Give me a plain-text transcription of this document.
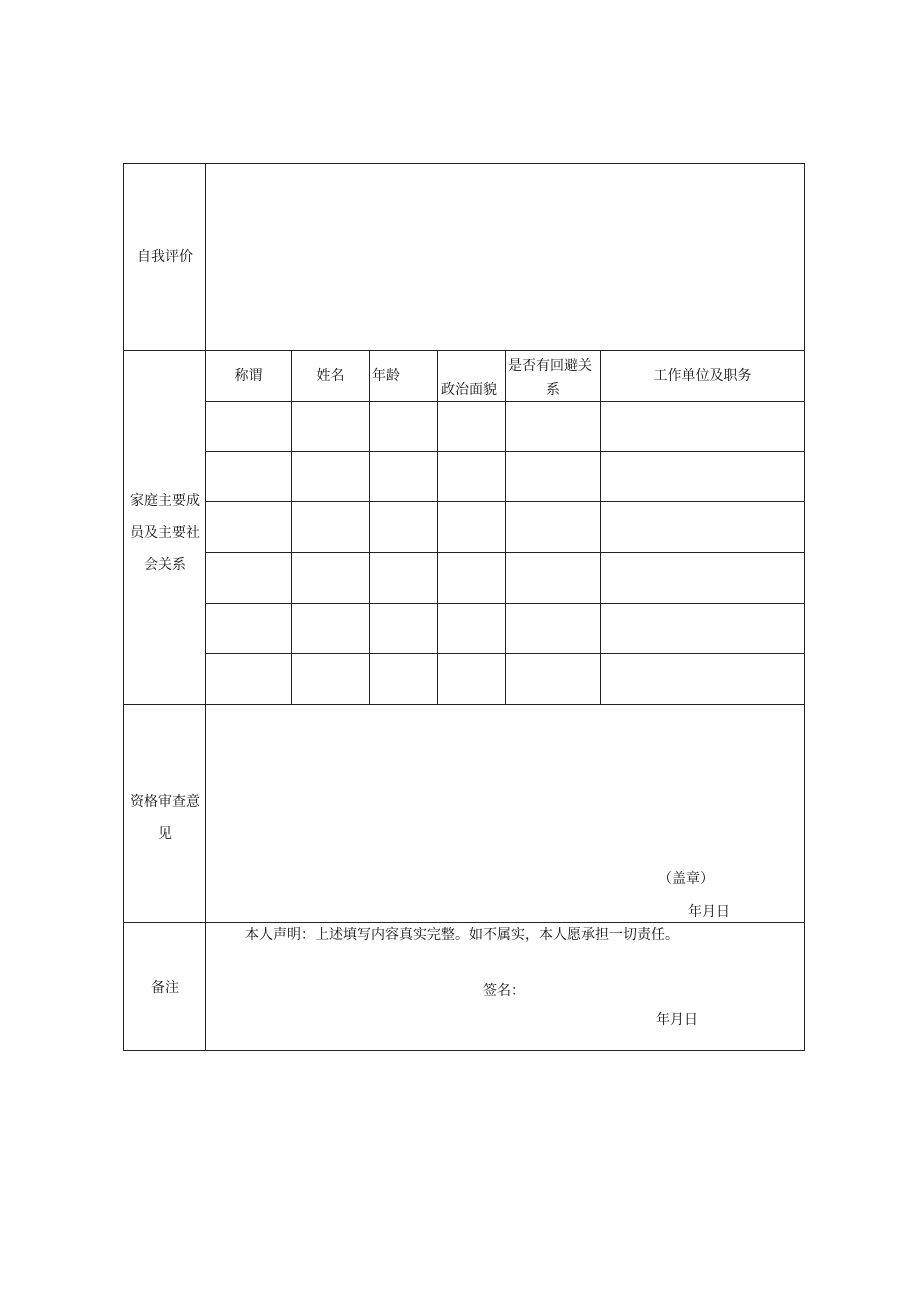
自我评价
家庭主要成
员及主要社
会关系
称谓	姓名	年龄
政治面貌
是否有回避关
系
工作单位及职务
资格审查意
见
（盖章）
年月日
备注
本人声明：上述填写内容真实完整。如不属实，本人愿承担一切责任。
签名：
年月日
